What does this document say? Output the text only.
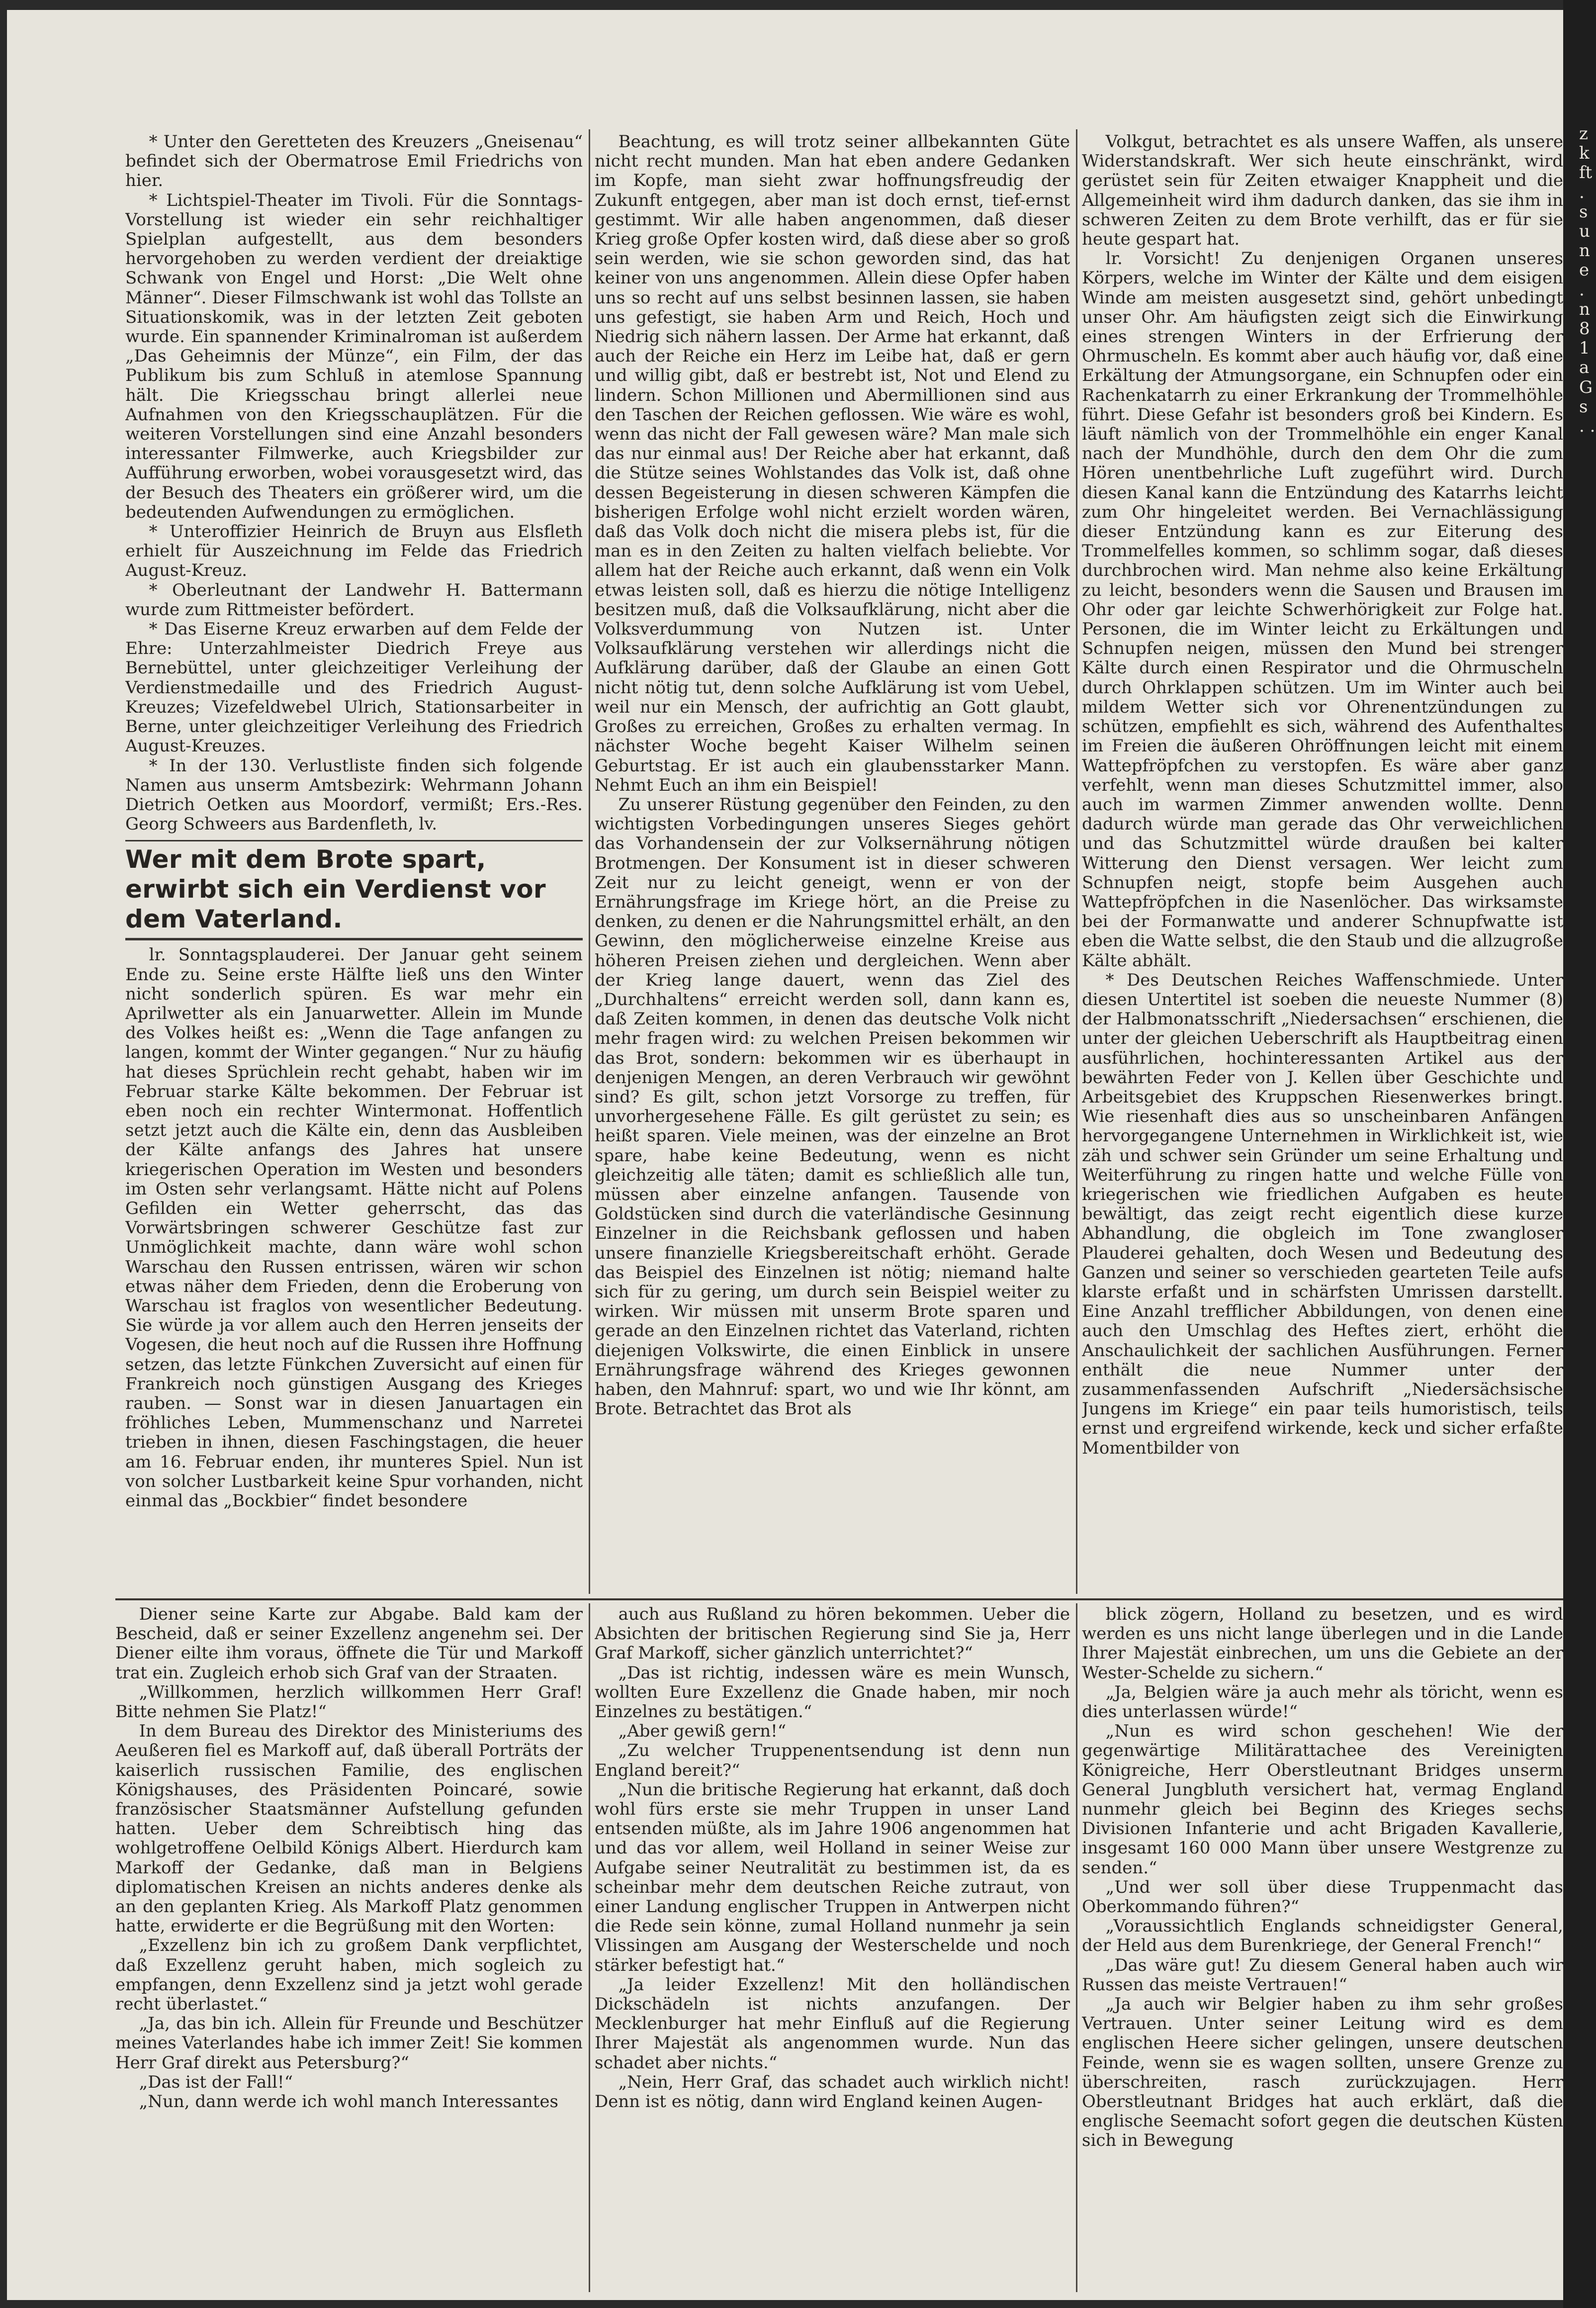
* Unter den Geretteten des Kreuzers „Gneisenau“ befindet sich der Obermatrose Emil Friedrichs von hier.

* Lichtspiel-Theater im Tivoli. Für die Sonntags-Vorstellung ist wieder ein sehr reichhaltiger Spielplan aufgestellt, aus dem besonders hervorgehoben zu werden verdient der dreiaktige Schwank von Engel und Horst: „Die Welt ohne Männer“. Dieser Filmschwank ist wohl das Tollste an Situationskomik, was in der letzten Zeit geboten wurde. Ein spannender Kriminalroman ist außerdem „Das Geheimnis der Münze“, ein Film, der das Publikum bis zum Schluß in atemlose Spannung hält. Die Kriegsschau bringt allerlei neue Aufnahmen von den Kriegsschauplätzen. Für die weiteren Vorstellungen sind eine Anzahl besonders interessanter Filmwerke, auch Kriegsbilder zur Aufführung erworben, wobei vorausgesetzt wird, das der Besuch des Theaters ein größerer wird, um die bedeutenden Aufwendungen zu ermöglichen.

* Unteroffizier Heinrich de Bruyn aus Elsfleth erhielt für Auszeichnung im Felde das Friedrich August-Kreuz.

* Oberleutnant der Landwehr H. Battermann wurde zum Rittmeister befördert.

* Das Eiserne Kreuz erwarben auf dem Felde der Ehre: Unterzahlmeister Diedrich Freye aus Bernebüttel, unter gleichzeitiger Verleihung der Verdienstmedaille und des Friedrich August-Kreuzes; Vizefeldwebel Ulrich, Stationsarbeiter in Berne, unter gleichzeitiger Verleihung des Friedrich August-Kreuzes.

* In der 130. Verlustliste finden sich folgende Namen aus unserm Amtsbezirk: Wehrmann Johann Dietrich Oetken aus Moordorf, vermißt; Ers.-Res. Georg Schweers aus Bardenfleth, lv.

Wer mit dem Brote spart, erwirbt sich ein Verdienst vor dem Vaterland.

lr. Sonntagsplauderei. Der Januar geht seinem Ende zu. Seine erste Hälfte ließ uns den Winter nicht sonderlich spüren. Es war mehr ein Aprilwetter als ein Januarwetter. Allein im Munde des Volkes heißt es: „Wenn die Tage anfangen zu langen, kommt der Winter gegangen.“ Nur zu häufig hat dieses Sprüchlein recht gehabt, haben wir im Februar starke Kälte bekommen. Der Februar ist eben noch ein rechter Wintermonat. Hoffentlich setzt jetzt auch die Kälte ein, denn das Ausbleiben der Kälte anfangs des Jahres hat unsere kriegerischen Operation im Westen und besonders im Osten sehr verlangsamt. Hätte nicht auf Polens Gefilden ein Wetter geherrscht, das das Vorwärtsbringen schwerer Geschütze fast zur Unmöglichkeit machte, dann wäre wohl schon Warschau den Russen entrissen, wären wir schon etwas näher dem Frieden, denn die Eroberung von Warschau ist fraglos von wesentlicher Bedeutung. Sie würde ja vor allem auch den Herren jenseits der Vogesen, die heut noch auf die Russen ihre Hoffnung setzen, das letzte Fünkchen Zuversicht auf einen für Frankreich noch günstigen Ausgang des Krieges rauben. — Sonst war in diesen Januartagen ein fröhliches Leben, Mummenschanz und Narretei trieben in ihnen, diesen Faschingstagen, die heuer am 16. Februar enden, ihr munteres Spiel. Nun ist von solcher Lustbarkeit keine Spur vorhanden, nicht einmal das „Bockbier“ findet besondere

Beachtung, es will trotz seiner allbekannten Güte nicht recht munden. Man hat eben andere Gedanken im Kopfe, man sieht zwar hoffnungsfreudig der Zukunft entgegen, aber man ist doch ernst, tief-ernst gestimmt. Wir alle haben angenommen, daß dieser Krieg große Opfer kosten wird, daß diese aber so groß sein werden, wie sie schon geworden sind, das hat keiner von uns angenommen. Allein diese Opfer haben uns so recht auf uns selbst besinnen lassen, sie haben uns gefestigt, sie haben Arm und Reich, Hoch und Niedrig sich nähern lassen. Der Arme hat erkannt, daß auch der Reiche ein Herz im Leibe hat, daß er gern und willig gibt, daß er bestrebt ist, Not und Elend zu lindern. Schon Millionen und Abermillionen sind aus den Taschen der Reichen geflossen. Wie wäre es wohl, wenn das nicht der Fall gewesen wäre? Man male sich das nur einmal aus! Der Reiche aber hat erkannt, daß die Stütze seines Wohlstandes das Volk ist, daß ohne dessen Begeisterung in diesen schweren Kämpfen die bisherigen Erfolge wohl nicht erzielt worden wären, daß das Volk doch nicht die misera plebs ist, für die man es in den Zeiten zu halten vielfach beliebte. Vor allem hat der Reiche auch erkannt, daß wenn ein Volk etwas leisten soll, daß es hierzu die nötige Intelligenz besitzen muß, daß die Volksaufklärung, nicht aber die Volksverdummung von Nutzen ist. Unter Volksaufklärung verstehen wir allerdings nicht die Aufklärung darüber, daß der Glaube an einen Gott nicht nötig tut, denn solche Aufklärung ist vom Uebel, weil nur ein Mensch, der aufrichtig an Gott glaubt, Großes zu erreichen, Großes zu erhalten vermag. In nächster Woche begeht Kaiser Wilhelm seinen Geburtstag. Er ist auch ein glaubensstarker Mann. Nehmt Euch an ihm ein Beispiel!

Zu unserer Rüstung gegenüber den Feinden, zu den wichtigsten Vorbedingungen unseres Sieges gehört das Vorhandensein der zur Volksernährung nötigen Brotmengen. Der Konsument ist in dieser schweren Zeit nur zu leicht geneigt, wenn er von der Ernährungsfrage im Kriege hört, an die Preise zu denken, zu denen er die Nahrungsmittel erhält, an den Gewinn, den möglicherweise einzelne Kreise aus höheren Preisen ziehen und dergleichen. Wenn aber der Krieg lange dauert, wenn das Ziel des „Durchhaltens“ erreicht werden soll, dann kann es, daß Zeiten kommen, in denen das deutsche Volk nicht mehr fragen wird: zu welchen Preisen bekommen wir das Brot, sondern: bekommen wir es überhaupt in denjenigen Mengen, an deren Verbrauch wir gewöhnt sind? Es gilt, schon jetzt Vorsorge zu treffen, für unvorhergesehene Fälle. Es gilt gerüstet zu sein; es heißt sparen. Viele meinen, was der einzelne an Brot spare, habe keine Bedeutung, wenn es nicht gleichzeitig alle täten; damit es schließlich alle tun, müssen aber einzelne anfangen. Tausende von Goldstücken sind durch die vaterländische Gesinnung Einzelner in die Reichsbank geflossen und haben unsere finanzielle Kriegsbereitschaft erhöht. Gerade das Beispiel des Einzelnen ist nötig; niemand halte sich für zu gering, um durch sein Beispiel weiter zu wirken. Wir müssen mit unserm Brote sparen und gerade an den Einzelnen richtet das Vaterland, richten diejenigen Volkswirte, die einen Einblick in unsere Ernährungsfrage während des Krieges gewonnen haben, den Mahnruf: spart, wo und wie Ihr könnt, am Brote. Betrachtet das Brot als

Volkgut, betrachtet es als unsere Waffen, als unsere Widerstandskraft. Wer sich heute einschränkt, wird gerüstet sein für Zeiten etwaiger Knappheit und die Allgemeinheit wird ihm dadurch danken, das sie ihm in schweren Zeiten zu dem Brote verhilft, das er für sie heute gespart hat.

lr. Vorsicht! Zu denjenigen Organen unseres Körpers, welche im Winter der Kälte und dem eisigen Winde am meisten ausgesetzt sind, gehört unbedingt unser Ohr. Am häufigsten zeigt sich die Einwirkung eines strengen Winters in der Erfrierung der Ohrmuscheln. Es kommt aber auch häufig vor, daß eine Erkältung der Atmungsorgane, ein Schnupfen oder ein Rachenkatarrh zu einer Erkrankung der Trommelhöhle führt. Diese Gefahr ist besonders groß bei Kindern. Es läuft nämlich von der Trommelhöhle ein enger Kanal nach der Mundhöhle, durch den dem Ohr die zum Hören unentbehrliche Luft zugeführt wird. Durch diesen Kanal kann die Entzündung des Katarrhs leicht zum Ohr hingeleitet werden. Bei Vernachlässigung dieser Entzündung kann es zur Eiterung des Trommelfelles kommen, so schlimm sogar, daß dieses durchbrochen wird. Man nehme also keine Erkältung zu leicht, besonders wenn die Sausen und Brausen im Ohr oder gar leichte Schwerhörigkeit zur Folge hat. Personen, die im Winter leicht zu Erkältungen und Schnupfen neigen, müssen den Mund bei strenger Kälte durch einen Respirator und die Ohrmuscheln durch Ohrklappen schützen. Um im Winter auch bei mildem Wetter sich vor Ohrenentzündungen zu schützen, empfiehlt es sich, während des Aufenthaltes im Freien die äußeren Ohröffnungen leicht mit einem Wattepfröpfchen zu verstopfen. Es wäre aber ganz verfehlt, wenn man dieses Schutzmittel immer, also auch im warmen Zimmer anwenden wollte. Denn dadurch würde man gerade das Ohr verweichlichen und das Schutzmittel würde draußen bei kalter Witterung den Dienst versagen. Wer leicht zum Schnupfen neigt, stopfe beim Ausgehen auch Wattepfröpfchen in die Nasenlöcher. Das wirksamste bei der Formanwatte und anderer Schnupfwatte ist eben die Watte selbst, die den Staub und die allzugroße Kälte abhält.

* Des Deutschen Reiches Waffenschmiede. Unter diesen Untertitel ist soeben die neueste Nummer (8) der Halbmonatsschrift „Niedersachsen“ erschienen, die unter der gleichen Ueberschrift als Hauptbeitrag einen ausführlichen, hochinteressanten Artikel aus der bewährten Feder von J. Kellen über Geschichte und Arbeitsgebiet des Kruppschen Riesenwerkes bringt. Wie riesenhaft dies aus so unscheinbaren Anfängen hervorgegangene Unternehmen in Wirklichkeit ist, wie zäh und schwer sein Gründer um seine Erhaltung und Weiterführung zu ringen hatte und welche Fülle von kriegerischen wie friedlichen Aufgaben es heute bewältigt, das zeigt recht eigentlich diese kurze Abhandlung, die obgleich im Tone zwangloser Plauderei gehalten, doch Wesen und Bedeutung des Ganzen und seiner so verschieden gearteten Teile aufs klarste erfaßt und in schärfsten Umrissen darstellt. Eine Anzahl trefflicher Abbildungen, von denen eine auch den Umschlag des Heftes ziert, erhöht die Anschaulichkeit der sachlichen Ausführungen. Ferner enthält die neue Nummer unter der zusammenfassenden Aufschrift „Niedersächsische Jungens im Kriege“ ein paar teils humoristisch, teils ernst und ergreifend wirkende, keck und sicher erfaßte Momentbilder von

Diener seine Karte zur Abgabe. Bald kam der Bescheid, daß er seiner Exzellenz angenehm sei. Der Diener eilte ihm voraus, öffnete die Tür und Markoff trat ein. Zugleich erhob sich Graf van der Straaten.

„Willkommen, herzlich willkommen Herr Graf! Bitte nehmen Sie Platz!“

In dem Bureau des Direktor des Ministeriums des Aeußeren fiel es Markoff auf, daß überall Porträts der kaiserlich russischen Familie, des englischen Königshauses, des Präsidenten Poincaré, sowie französischer Staatsmänner Aufstellung gefunden hatten. Ueber dem Schreibtisch hing das wohlgetroffene Oelbild Königs Albert. Hierdurch kam Markoff der Gedanke, daß man in Belgiens diplomatischen Kreisen an nichts anderes denke als an den geplanten Krieg. Als Markoff Platz genommen hatte, erwiderte er die Begrüßung mit den Worten:

„Exzellenz bin ich zu großem Dank verpflichtet, daß Exzellenz geruht haben, mich sogleich zu empfangen, denn Exzellenz sind ja jetzt wohl gerade recht überlastet.“

„Ja, das bin ich. Allein für Freunde und Beschützer meines Vaterlandes habe ich immer Zeit! Sie kommen Herr Graf direkt aus Petersburg?“

„Das ist der Fall!“

„Nun, dann werde ich wohl manch Interessantes

auch aus Rußland zu hören bekommen. Ueber die Absichten der britischen Regierung sind Sie ja, Herr Graf Markoff, sicher gänzlich unterrichtet?“

„Das ist richtig, indessen wäre es mein Wunsch, wollten Eure Exzellenz die Gnade haben, mir noch Einzelnes zu bestätigen.“

„Aber gewiß gern!“

„Zu welcher Truppenentsendung ist denn nun England bereit?“

„Nun die britische Regierung hat erkannt, daß doch wohl fürs erste sie mehr Truppen in unser Land entsenden müßte, als im Jahre 1906 angenommen hat und das vor allem, weil Holland in seiner Weise zur Aufgabe seiner Neutralität zu bestimmen ist, da es scheinbar mehr dem deutschen Reiche zutraut, von einer Landung englischer Truppen in Antwerpen nicht die Rede sein könne, zumal Holland nunmehr ja sein Vlissingen am Ausgang der Westerschelde und noch stärker befestigt hat.“

„Ja leider Exzellenz! Mit den holländischen Dickschädeln ist nichts anzufangen. Der Mecklenburger hat mehr Einfluß auf die Regierung Ihrer Majestät als angenommen wurde. Nun das schadet aber nichts.“

„Nein, Herr Graf, das schadet auch wirklich nicht! Denn ist es nötig, dann wird England keinen Augen-

blick zögern, Holland zu besetzen, und es wird werden es uns nicht lange überlegen und in die Lande Ihrer Majestät einbrechen, um uns die Gebiete an der Wester-Schelde zu sichern.“

„Ja, Belgien wäre ja auch mehr als töricht, wenn es dies unterlassen würde!“

„Nun es wird schon geschehen! Wie der gegenwärtige Militärattachee des Vereinigten Königreiche, Herr Oberstleutnant Bridges unserm General Jungbluth versichert hat, vermag England nunmehr gleich bei Beginn des Krieges sechs Divisionen Infanterie und acht Brigaden Kavallerie, insgesamt 160 000 Mann über unsere Westgrenze zu senden.“

„Und wer soll über diese Truppenmacht das Oberkommando führen?“

„Voraussichtlich Englands schneidigster General, der Held aus dem Burenkriege, der General French!“

„Das wäre gut! Zu diesem General haben auch wir Russen das meiste Vertrauen!“

„Ja auch wir Belgier haben zu ihm sehr großes Vertrauen. Unter seiner Leitung wird es dem englischen Heere sicher gelingen, unsere deutschen Feinde, wenn sie es wagen sollten, unsere Grenze zu überschreiten, rasch zurückzujagen. Herr Oberstleutnant Bridges hat auch erklärt, daß die englische Seemacht sofort gegen die deutschen Küsten sich in Bewegung

z k ft . s u n e . n 8 1 a G s . .
